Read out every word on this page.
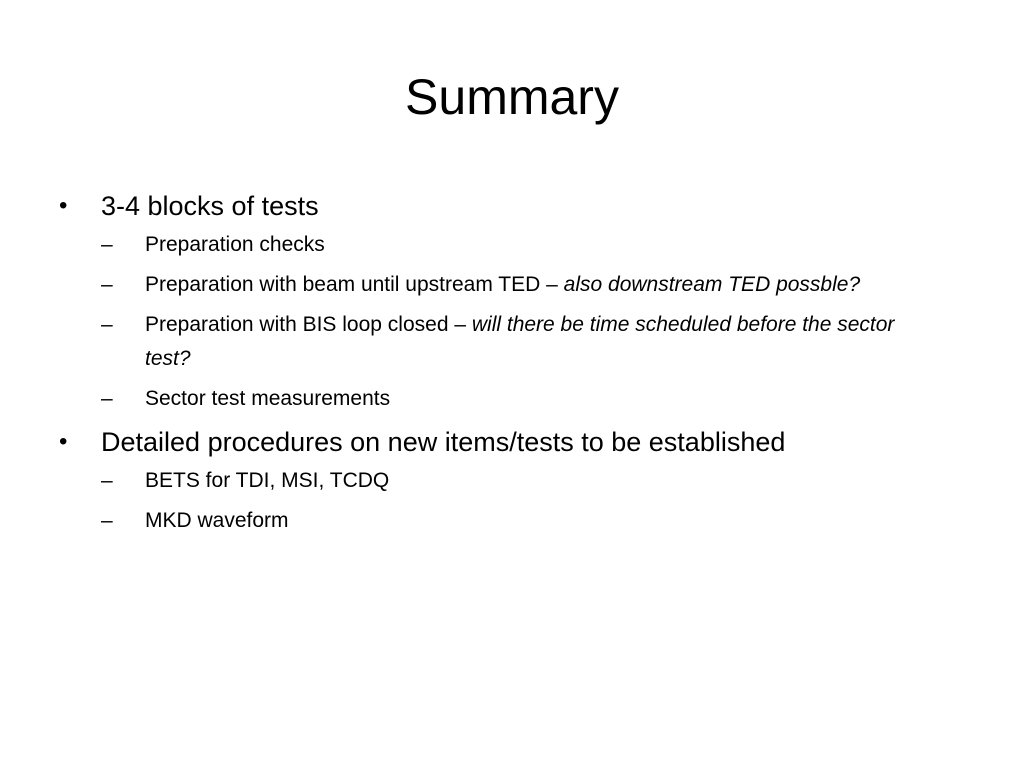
Summary
• 3-4 blocks of tests
– Preparation checks
– Preparation with beam until upstream TED – also downstream TED possble?
– Preparation with BIS loop closed – will there be time scheduled before the sector test?
– Sector test measurements
• Detailed procedures on new items/tests to be established
– BETS for TDI, MSI, TCDQ
– MKD waveform
